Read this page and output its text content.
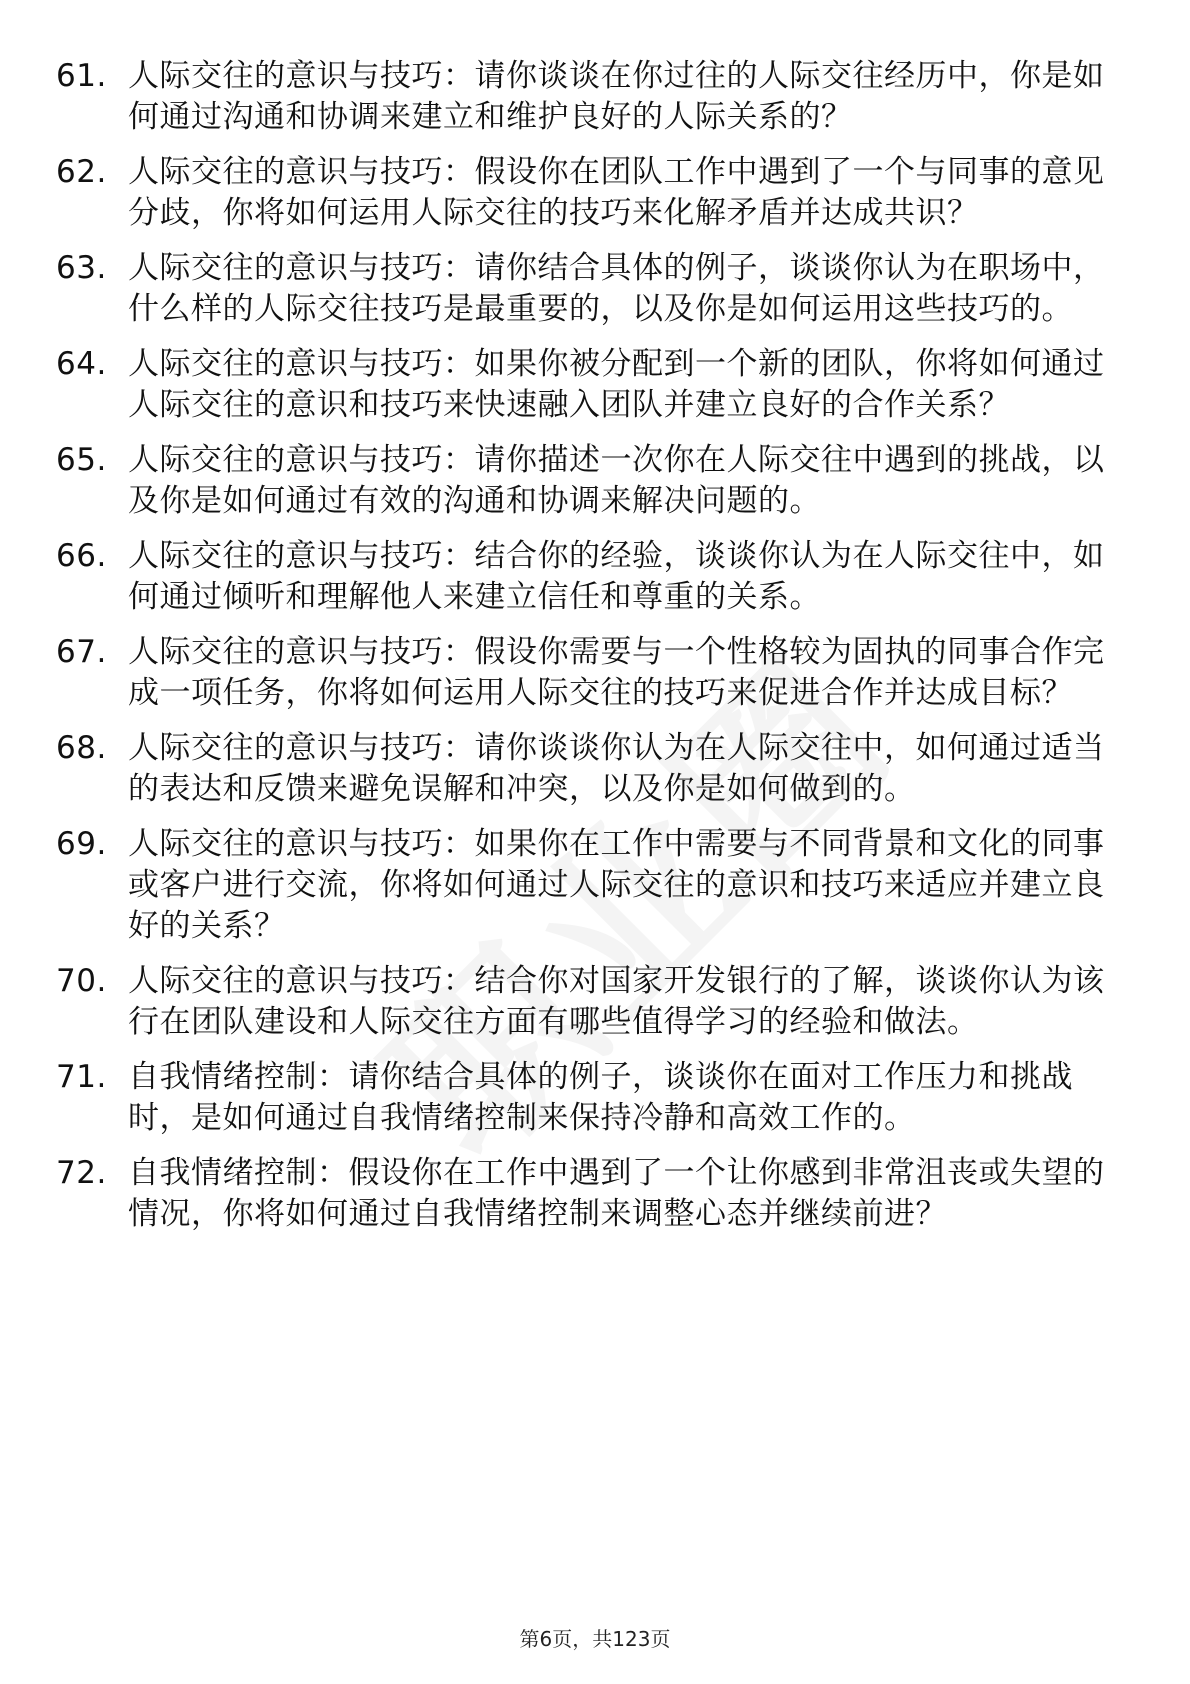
61. 人际交往的意识与技巧：请你谈谈在你过往的人际交往经历中，你是如何通过沟通和协调来建立和维护良好的人际关系的？
62. 人际交往的意识与技巧：假设你在团队工作中遇到了一个与同事的意见分歧，你将如何运用人际交往的技巧来化解矛盾并达成共识？
63. 人际交往的意识与技巧：请你结合具体的例子，谈谈你认为在职场中，什么样的人际交往技巧是最重要的，以及你是如何运用这些技巧的。
64. 人际交往的意识与技巧：如果你被分配到一个新的团队，你将如何通过人际交往的意识和技巧来快速融入团队并建立良好的合作关系？
65. 人际交往的意识与技巧：请你描述一次你在人际交往中遇到的挑战，以及你是如何通过有效的沟通和协调来解决问题的。
66. 人际交往的意识与技巧：结合你的经验，谈谈你认为在人际交往中，如何通过倾听和理解他人来建立信任和尊重的关系。
67. 人际交往的意识与技巧：假设你需要与一个性格较为固执的同事合作完成一项任务，你将如何运用人际交往的技巧来促进合作并达成目标？
68. 人际交往的意识与技巧：请你谈谈你认为在人际交往中，如何通过适当的表达和反馈来避免误解和冲突，以及你是如何做到的。
69. 人际交往的意识与技巧：如果你在工作中需要与不同背景和文化的同事或客户进行交流，你将如何通过人际交往的意识和技巧来适应并建立良好的关系？
70. 人际交往的意识与技巧：结合你对国家开发银行的了解，谈谈你认为该行在团队建设和人际交往方面有哪些值得学习的经验和做法。
71. 自我情绪控制：请你结合具体的例子，谈谈你在面对工作压力和挑战时，是如何通过自我情绪控制来保持冷静和高效工作的。
72. 自我情绪控制：假设你在工作中遇到了一个让你感到非常沮丧或失望的情况，你将如何通过自我情绪控制来调整心态并继续前进？
第6页，共123页
